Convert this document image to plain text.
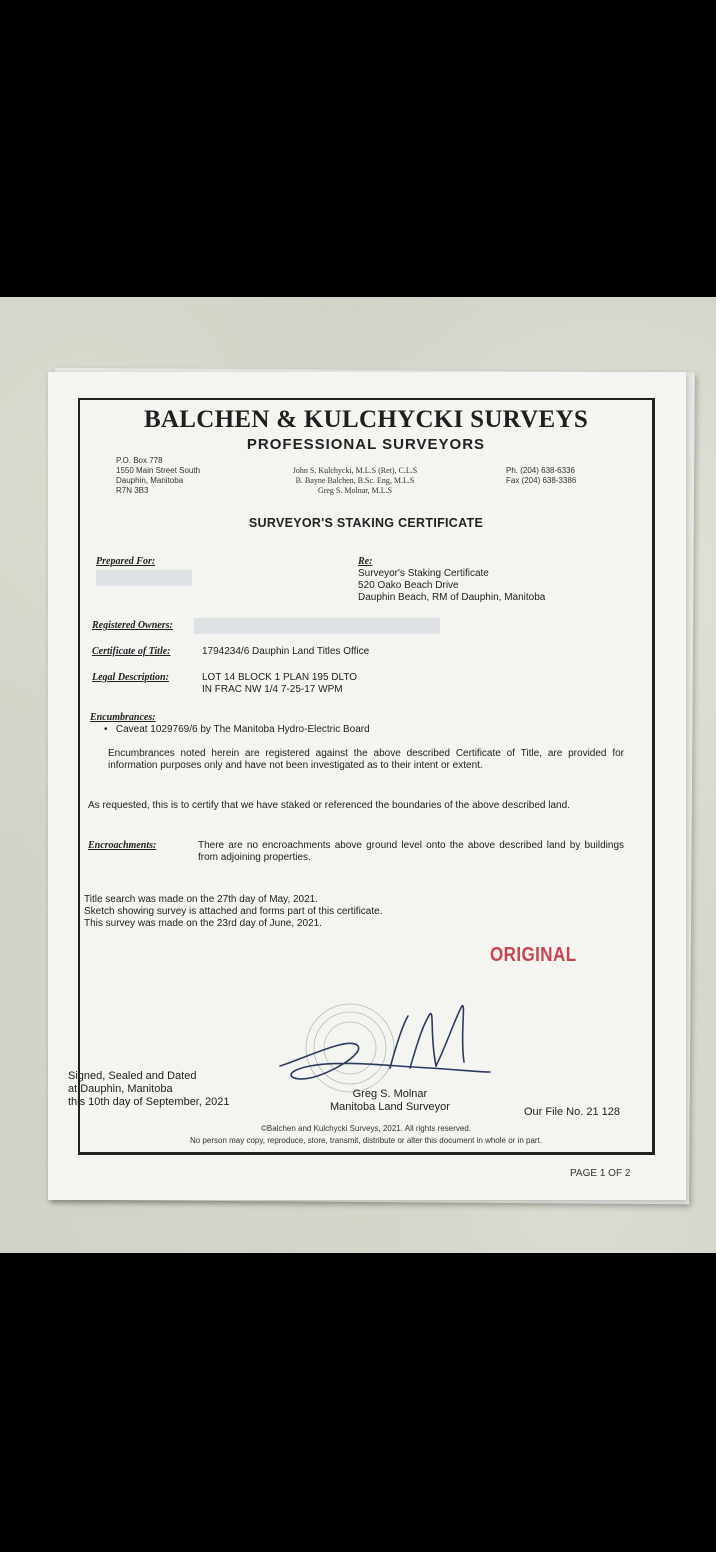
BALCHEN & KULCHYCKI SURVEYS
PROFESSIONAL SURVEYORS
P.O. Box 778
1550 Main Street South
Dauphin, Manitoba
R7N 3B3
John S. Kulchycki, M.L.S (Ret), C.L.S
B. Bayne Balchen, B.Sc. Eng, M.L.S
Greg S. Molnar, M.L.S
Ph. (204) 638-6336
Fax (204) 638-3386
SURVEYOR'S STAKING CERTIFICATE
Prepared For:	Re:
Surveyor's Staking Certificate
520 Oako Beach Drive
Dauphin Beach, RM of Dauphin, Manitoba
Registered Owners:
Certificate of Title:	1794234/6 Dauphin Land Titles Office
Legal Description:	LOT 14 BLOCK 1 PLAN 195 DLTO
IN FRAC NW 1/4 7-25-17 WPM
Encumbrances:
•   Caveat 1029769/6 by The Manitoba Hydro-Electric Board
Encumbrances noted herein are registered against the above described Certificate of Title, are provided for information purposes only and have not been investigated as to their intent or extent.
As requested, this is to certify that we have staked or referenced the boundaries of the above described land.
Encroachments:	There are no encroachments above ground level onto the above described land by buildings from adjoining properties.
Title search was made on the 27th day of May, 2021.
Sketch showing survey is attached and forms part of this certificate.
This survey was made on the 23rd day of June, 2021.
ORIGINAL
Signed, Sealed and Dated
at Dauphin, Manitoba
this 10th day of September, 2021
Greg S. Molnar
Manitoba Land Surveyor	Our File No. 21 128
©Balchen and Kulchycki Surveys, 2021. All rights reserved.
No person may copy, reproduce, store, transmit, distribute or alter this document in whole or in part.
PAGE 1 OF 2
